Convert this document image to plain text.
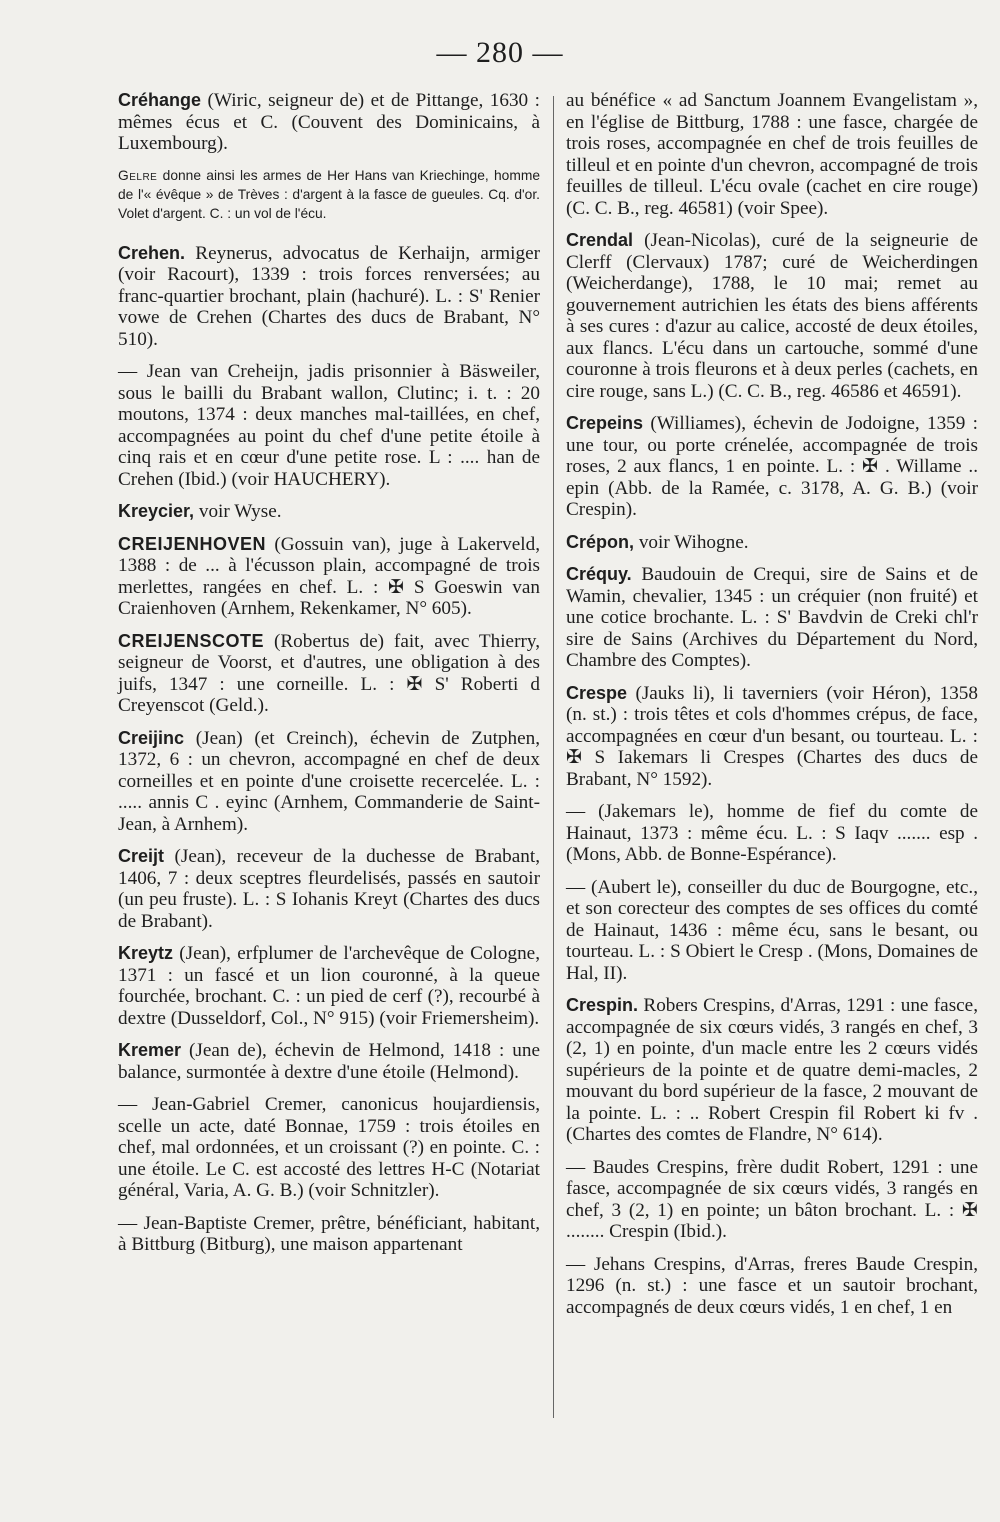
— 280 —

Créhange (Wiric, seigneur de) et de Pittange, 1630 : mêmes écus et C. (Couvent des Dominicains, à Luxembourg).

Gelre donne ainsi les armes de Her Hans van Kriechinge, homme de l'« évêque » de Trèves : d'argent à la fasce de gueules. Cq. d'or. Volet d'argent. C. : un vol de l'écu.

Crehen. Reynerus, advocatus de Kerhaijn, armiger (voir Racourt), 1339 : trois forces renversées; au franc-quartier brochant, plain (hachuré). L. : S' Renier vowe de Crehen (Chartes des ducs de Brabant, N° 510).

— Jean van Creheijn, jadis prisonnier à Bäsweiler, sous le bailli du Brabant wallon, Clutinc; i. t. : 20 moutons, 1374 : deux manches mal-taillées, en chef, accompagnées au point du chef d'une petite étoile à cinq rais et en cœur d'une petite rose. L : .... han de Crehen (Ibid.) (voir HAUCHERY).

Kreycier, voir Wyse.

CREIJENHOVEN (Gossuin van), juge à Lakerveld, 1388 : de ... à l'écusson plain, accompagné de trois merlettes, rangées en chef. L. : ✠ S Goeswin van Craienhoven (Arnhem, Rekenkamer, N° 605).

CREIJENSCOTE (Robertus de) fait, avec Thierry, seigneur de Voorst, et d'autres, une obligation à des juifs, 1347 : une corneille. L. : ✠ S' Roberti d Creyenscot (Geld.).

Creijinc (Jean) (et Creinch), échevin de Zutphen, 1372, 6 : un chevron, accompagné en chef de deux corneilles et en pointe d'une croisette recercelée. L. : ..... annis C . eyinc (Arnhem, Commanderie de Saint-Jean, à Arnhem).

Creijt (Jean), receveur de la duchesse de Brabant, 1406, 7 : deux sceptres fleurdelisés, passés en sautoir (un peu fruste). L. : S Iohanis Kreyt (Chartes des ducs de Brabant).

Kreytz (Jean), erfplumer de l'archevêque de Cologne, 1371 : un fascé et un lion couronné, à la queue fourchée, brochant. C. : un pied de cerf (?), recourbé à dextre (Dusseldorf, Col., N° 915) (voir Friemersheim).

Kremer (Jean de), échevin de Helmond, 1418 : une balance, surmontée à dextre d'une étoile (Helmond).

— Jean-Gabriel Cremer, canonicus houjardiensis, scelle un acte, daté Bonnae, 1759 : trois étoiles en chef, mal ordonnées, et un croissant (?) en pointe. C. : une étoile. Le C. est accosté des lettres H-C (Notariat général, Varia, A. G. B.) (voir Schnitzler).

— Jean-Baptiste Cremer, prêtre, bénéficiant, habitant, à Bittburg (Bitburg), une maison appartenant

au bénéfice « ad Sanctum Joannem Evangelistam », en l'église de Bittburg, 1788 : une fasce, chargée de trois roses, accompagnée en chef de trois feuilles de tilleul et en pointe d'un chevron, accompagné de trois feuilles de tilleul. L'écu ovale (cachet en cire rouge) (C. C. B., reg. 46581) (voir Spee).

Crendal (Jean-Nicolas), curé de la seigneurie de Clerff (Clervaux) 1787; curé de Weicherdingen (Weicherdange), 1788, le 10 mai; remet au gouvernement autrichien les états des biens afférents à ses cures : d'azur au calice, accosté de deux étoiles, aux flancs. L'écu dans un cartouche, sommé d'une couronne à trois fleurons et à deux perles (cachets, en cire rouge, sans L.) (C. C. B., reg. 46586 et 46591).

Crepeins (Williames), échevin de Jodoigne, 1359 : une tour, ou porte crénelée, accompagnée de trois roses, 2 aux flancs, 1 en pointe. L. : ✠ . Willame .. epin (Abb. de la Ramée, c. 3178, A. G. B.) (voir Crespin).

Crépon, voir Wihogne.

Créquy. Baudouin de Crequi, sire de Sains et de Wamin, chevalier, 1345 : un créquier (non fruité) et une cotice brochante. L. : S' Bavdvin de Creki chl'r sire de Sains (Archives du Département du Nord, Chambre des Comptes).

Crespe (Jauks li), li taverniers (voir Héron), 1358 (n. st.) : trois têtes et cols d'hommes crépus, de face, accompagnées en cœur d'un besant, ou tourteau. L. : ✠ S Iakemars li Crespes (Chartes des ducs de Brabant, N° 1592).

— (Jakemars le), homme de fief du comte de Hainaut, 1373 : même écu. L. : S Iaqv ....... esp . (Mons, Abb. de Bonne-Espérance).

— (Aubert le), conseiller du duc de Bourgogne, etc., et son corecteur des comptes de ses offices du comté de Hainaut, 1436 : même écu, sans le besant, ou tourteau. L. : S Obiert le Cresp . (Mons, Domaines de Hal, II).

Crespin. Robers Crespins, d'Arras, 1291 : une fasce, accompagnée de six cœurs vidés, 3 rangés en chef, 3 (2, 1) en pointe, d'un macle entre les 2 cœurs vidés supérieurs de la pointe et de quatre demi-macles, 2 mouvant du bord supérieur de la fasce, 2 mouvant de la pointe. L. : .. Robert Crespin fil Robert ki fv . (Chartes des comtes de Flandre, N° 614).

— Baudes Crespins, frère dudit Robert, 1291 : une fasce, accompagnée de six cœurs vidés, 3 rangés en chef, 3 (2, 1) en pointe; un bâton brochant. L. : ✠ ........ Crespin (Ibid.).

— Jehans Crespins, d'Arras, freres Baude Crespin, 1296 (n. st.) : une fasce et un sautoir brochant, accompagnés de deux cœurs vidés, 1 en chef, 1 en
